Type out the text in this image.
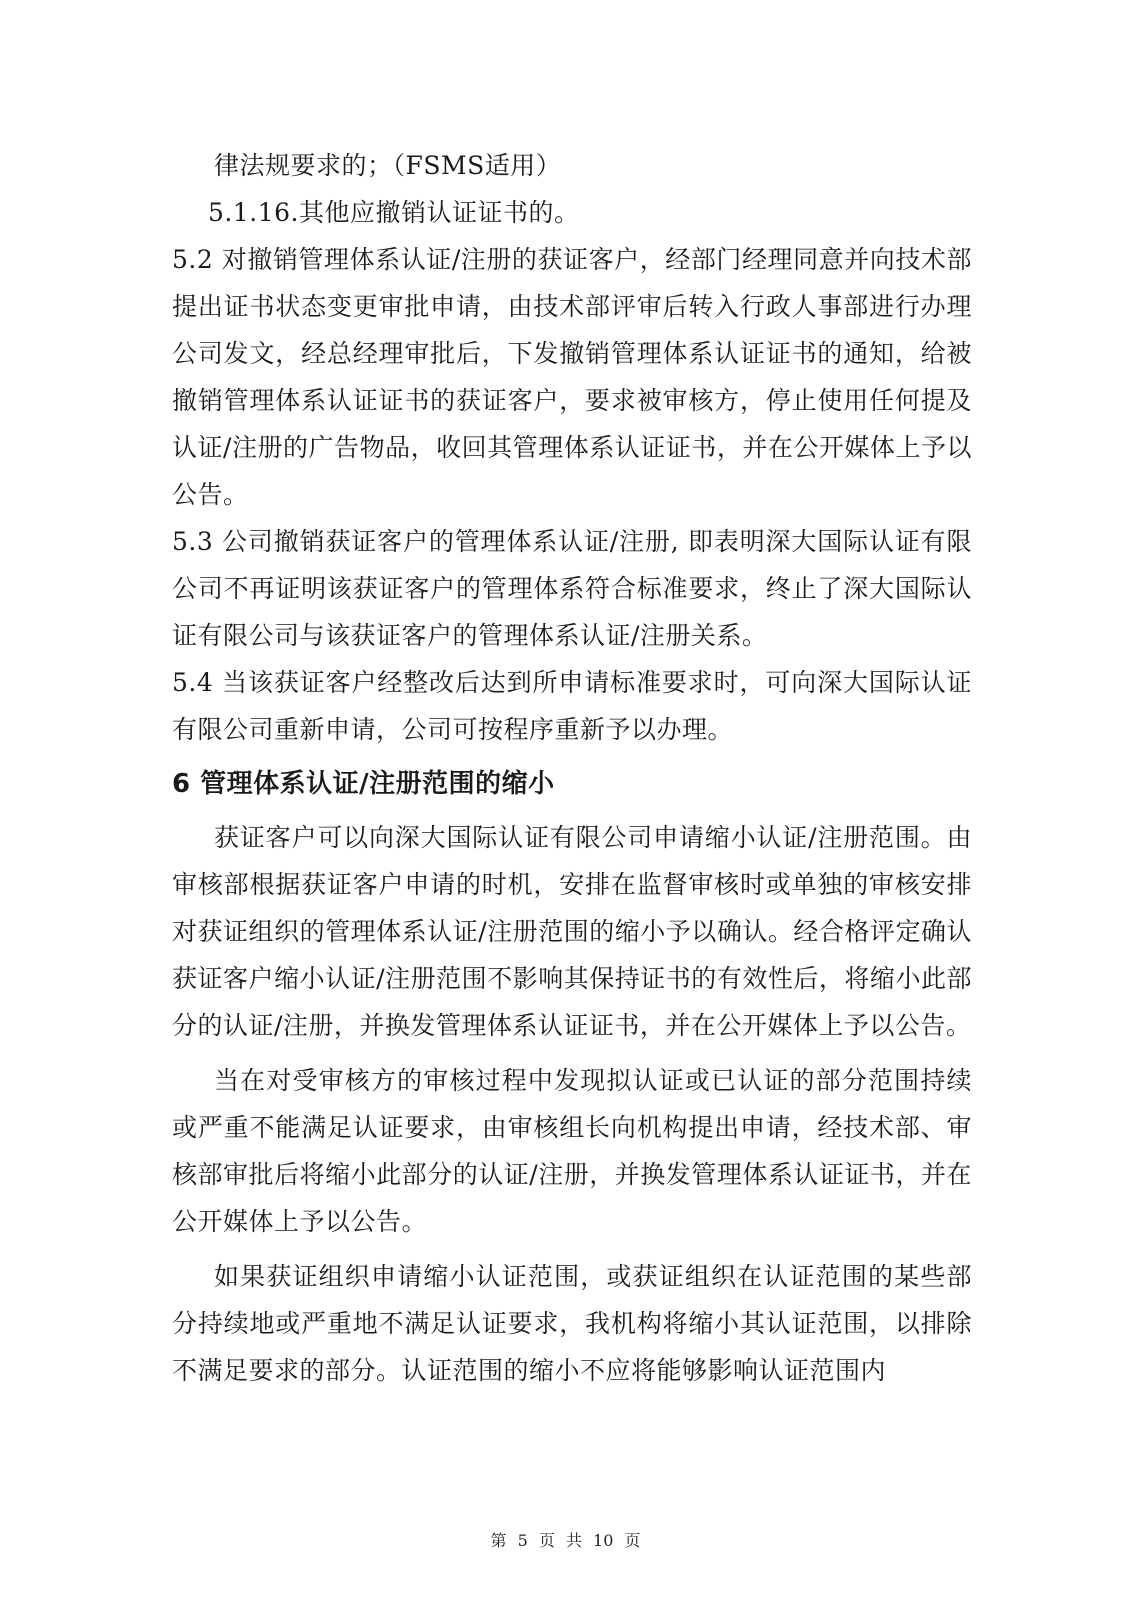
律法规要求的；（FSMS适用）

5.1.16.其他应撤销认证证书的。

5.2 对撤销管理体系认证/注册的获证客户，经部门经理同意并向技术部提出证书状态变更审批申请，由技术部评审后转入行政人事部进行办理公司发文，经总经理审批后，下发撤销管理体系认证证书的通知，给被撤销管理体系认证证书的获证客户，要求被审核方，停止使用任何提及认证/注册的广告物品，收回其管理体系认证证书，并在公开媒体上予以公告。

5.3 公司撤销获证客户的管理体系认证/注册, 即表明深大国际认证有限公司不再证明该获证客户的管理体系符合标准要求，终止了深大国际认证有限公司与该获证客户的管理体系认证/注册关系。

5.4 当该获证客户经整改后达到所申请标准要求时，可向深大国际认证有限公司重新申请，公司可按程序重新予以办理。

6 管理体系认证/注册范围的缩小

获证客户可以向深大国际认证有限公司申请缩小认证/注册范围。由审核部根据获证客户申请的时机，安排在监督审核时或单独的审核安排对获证组织的管理体系认证/注册范围的缩小予以确认。经合格评定确认获证客户缩小认证/注册范围不影响其保持证书的有效性后，将缩小此部分的认证/注册，并换发管理体系认证证书，并在公开媒体上予以公告。

当在对受审核方的审核过程中发现拟认证或已认证的部分范围持续或严重不能满足认证要求，由审核组长向机构提出申请，经技术部、审核部审批后将缩小此部分的认证/注册，并换发管理体系认证证书，并在公开媒体上予以公告。

如果获证组织申请缩小认证范围，或获证组织在认证范围的某些部分持续地或严重地不满足认证要求，我机构将缩小其认证范围，以排除不满足要求的部分。认证范围的缩小不应将能够影响认证范围内

第 5 页 共 10 页
